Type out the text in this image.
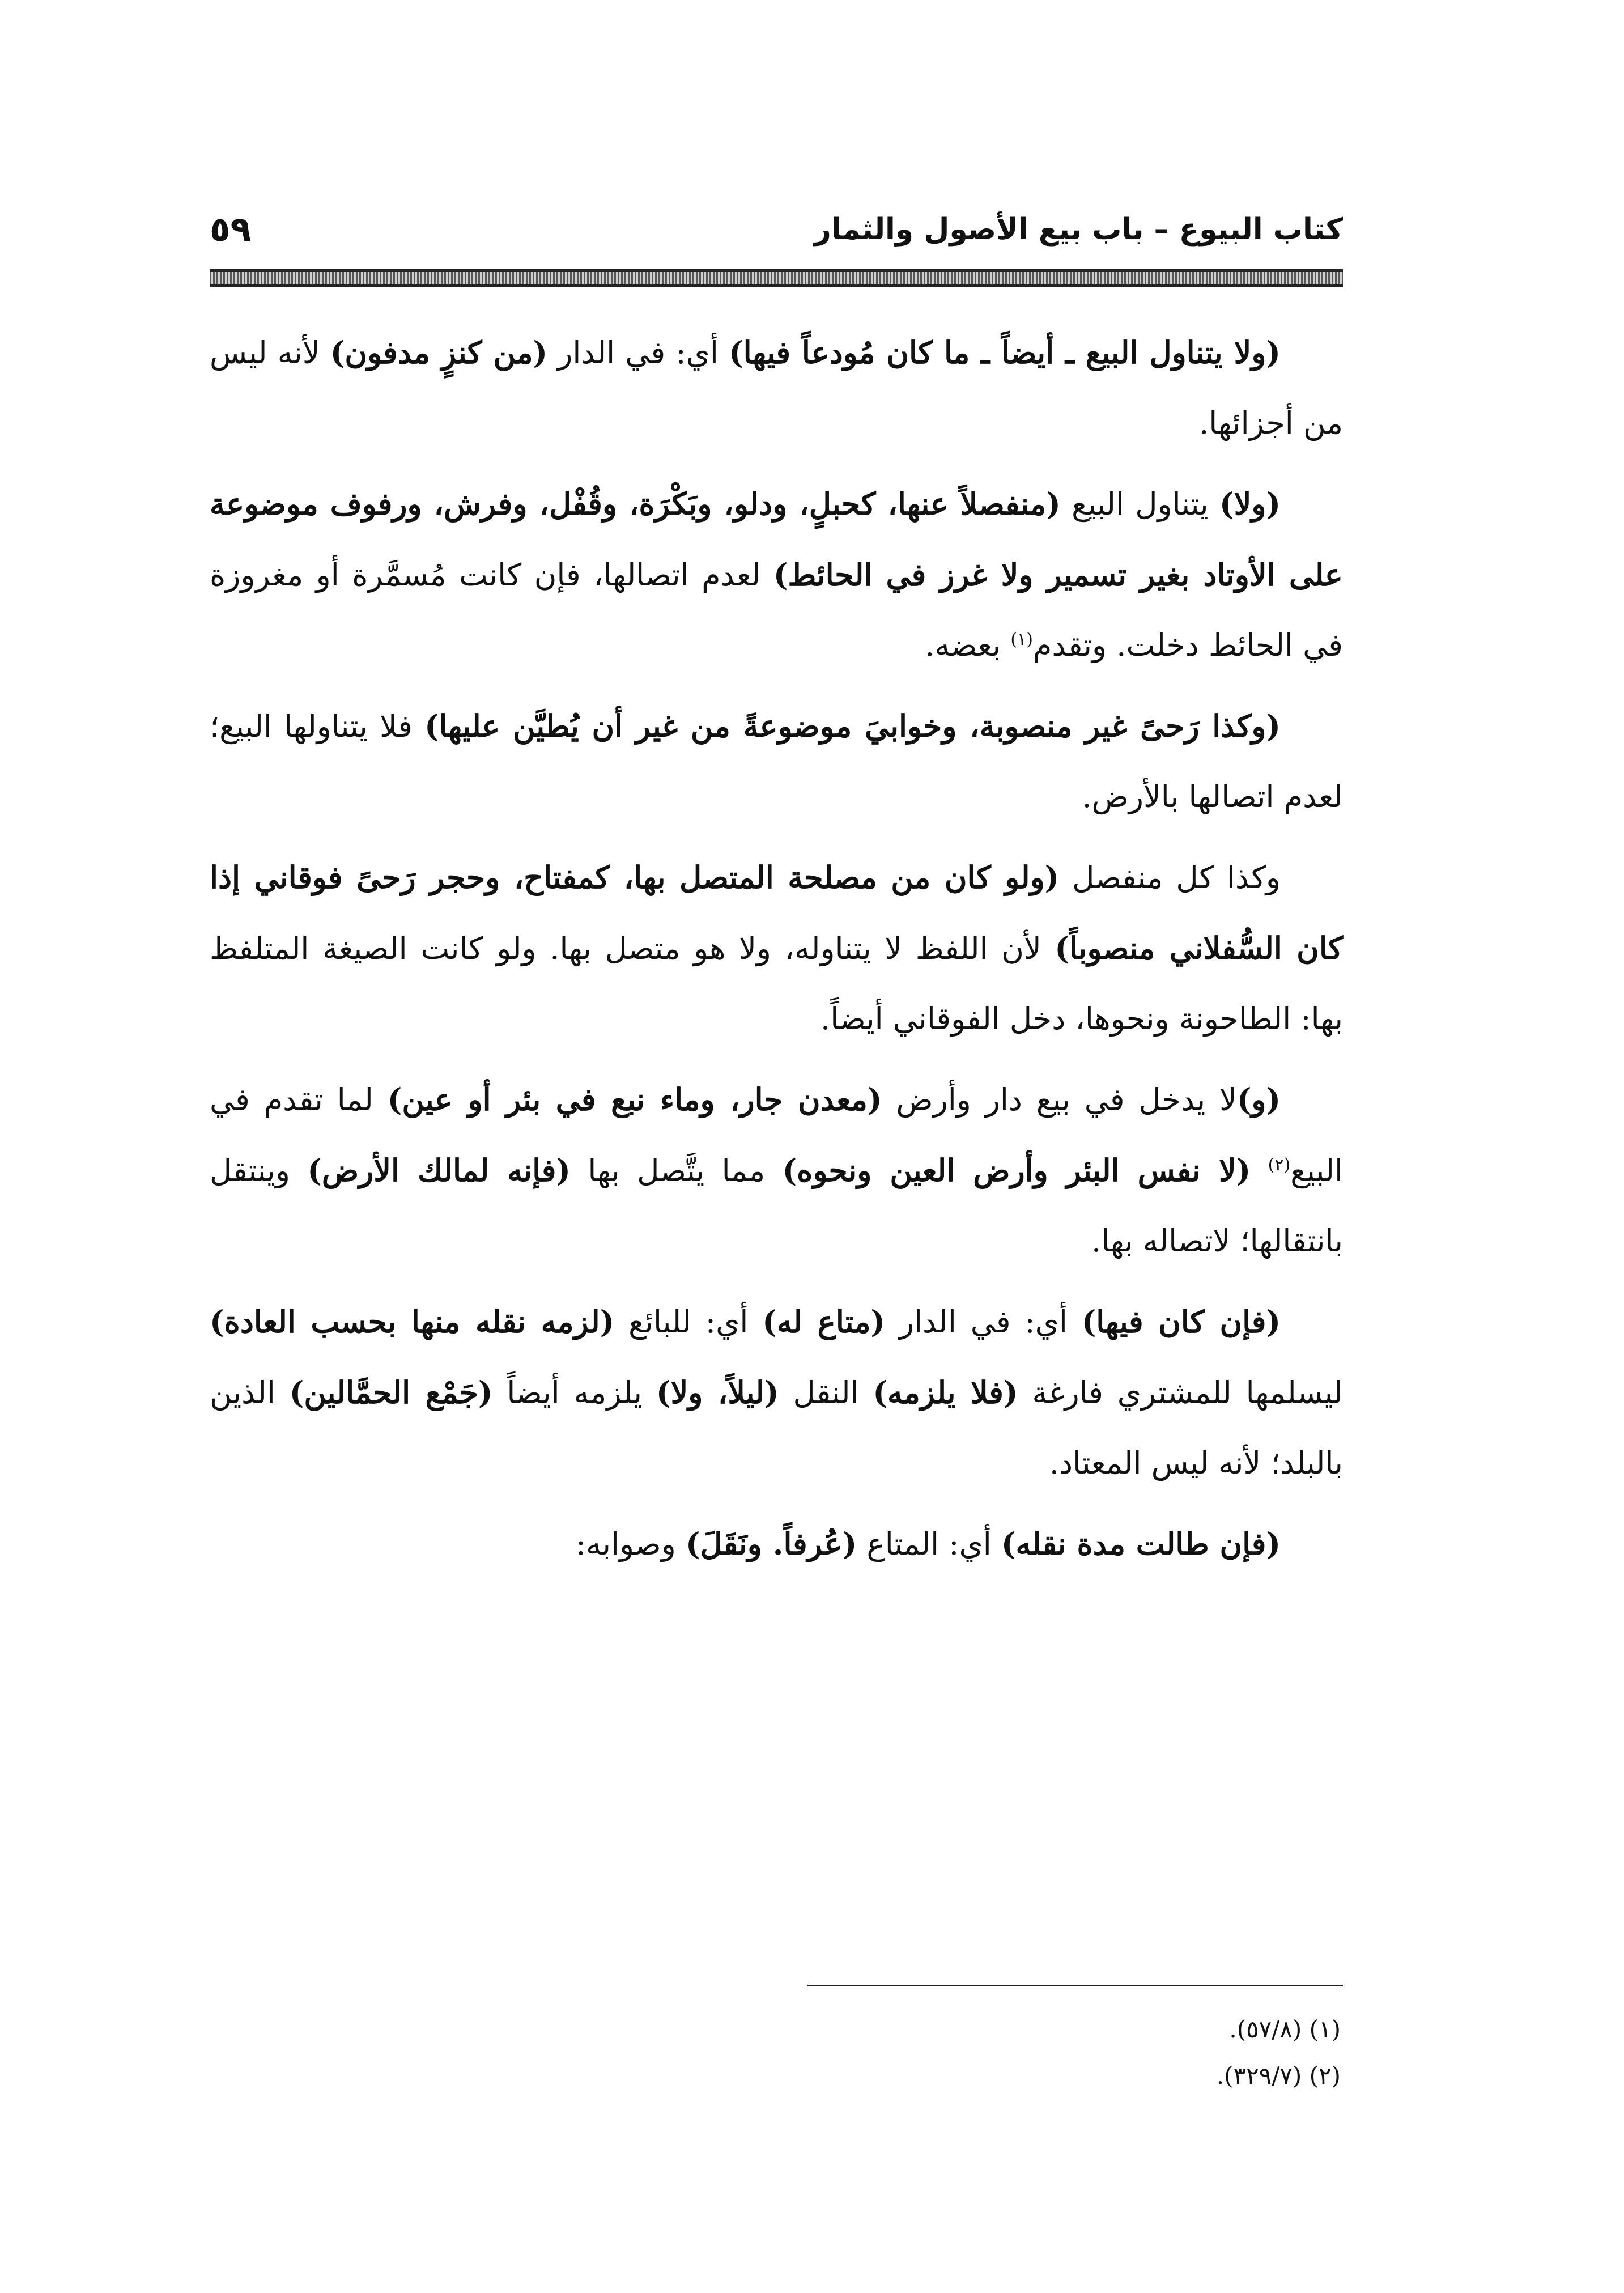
كتاب البيوع – باب بيع الأصول والثمار
٥٩

(ولا يتناول البيع ـ أيضاً ـ ما كان مُودعاً فيها) أي: في الدار (من كنزٍ مدفون) لأنه ليس من أجزائها.

(ولا) يتناول البيع (منفصلاً عنها، كحبلٍ، ودلو، وبَكْرَة، وقُفْل، وفرش، ورفوف موضوعة على الأوتاد بغير تسمير ولا غرز في الحائط) لعدم اتصالها، فإن كانت مُسمَّرة أو مغروزة في الحائط دخلت. وتقدم$^{(١)}$ بعضه.

(وكذا رَحىً غير منصوبة، وخوابيَ موضوعةً من غير أن يُطيَّن عليها) فلا يتناولها البيع؛ لعدم اتصالها بالأرض.

وكذا كل منفصل (ولو كان من مصلحة المتصل بها، كمفتاح، وحجر رَحىً فوقاني إذا كان السُّفلاني منصوباً) لأن اللفظ لا يتناوله، ولا هو متصل بها. ولو كانت الصيغة المتلفظ بها: الطاحونة ونحوها، دخل الفوقاني أيضاً.

(و)لا يدخل في بيع دار وأرض (معدن جار، وماء نبع في بئر أو عين) لما تقدم في البيع$^{(٢)}$ (لا نفس البئر وأرض العين ونحوه) مما يتَّصل بها (فإنه لمالك الأرض) وينتقل بانتقالها؛ لاتصاله بها.

(فإن كان فيها) أي: في الدار (متاع له) أي: للبائع (لزمه نقله منها بحسب العادة) ليسلمها للمشتري فارغة (فلا يلزمه) النقل (ليلاً، ولا) يلزمه أيضاً (جَمْع الحمَّالين) الذين بالبلد؛ لأنه ليس المعتاد.

(فإن طالت مدة نقله) أي: المتاع (عُرفاً. ونَقَلَ) وصوابه:

(١) (٥٧/٨).
(٢) (٣٢٩/٧).
